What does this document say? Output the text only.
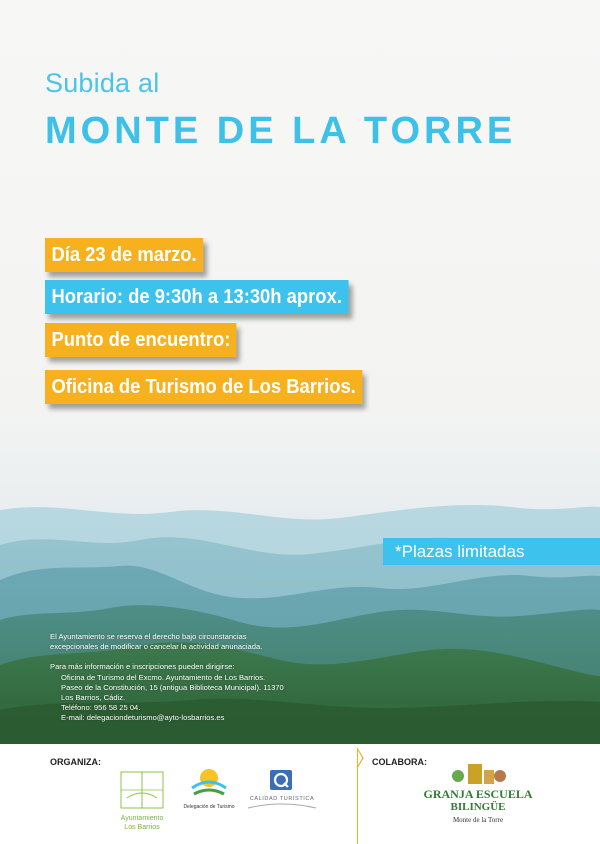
Subida al
MONTE DE LA TORRE
Día 23 de marzo.
Horario: de 9:30h a 13:30h aprox.
Punto de encuentro:
Oficina de Turismo de Los Barrios.
*Plazas limitadas

El Ayuntamiento se reserva el derecho bajo circunstancias

excepcionales de modificar o cancelar la actividad anunaciada.

Para más información e inscripciones pueden dirigirse:

Oficina de Turismo del Excmo. Ayuntamiento de Los Barrios.

Paseo de la Constitución, 15 (antigua Biblioteca Municipal). 11370

Los Barrios, Cádiz.

Teléfono: 956 58 25 04.

E-mail: delegaciondeturismo@ayto-losbarrios.es

ORGANIZA:	COLABORA:
Ayuntamiento
Los Barrios
Delegación de Turismo
CALIDAD TURÍSTICA	GRANJA ESCUELA
BILINGÜE
Monte de la Torre
